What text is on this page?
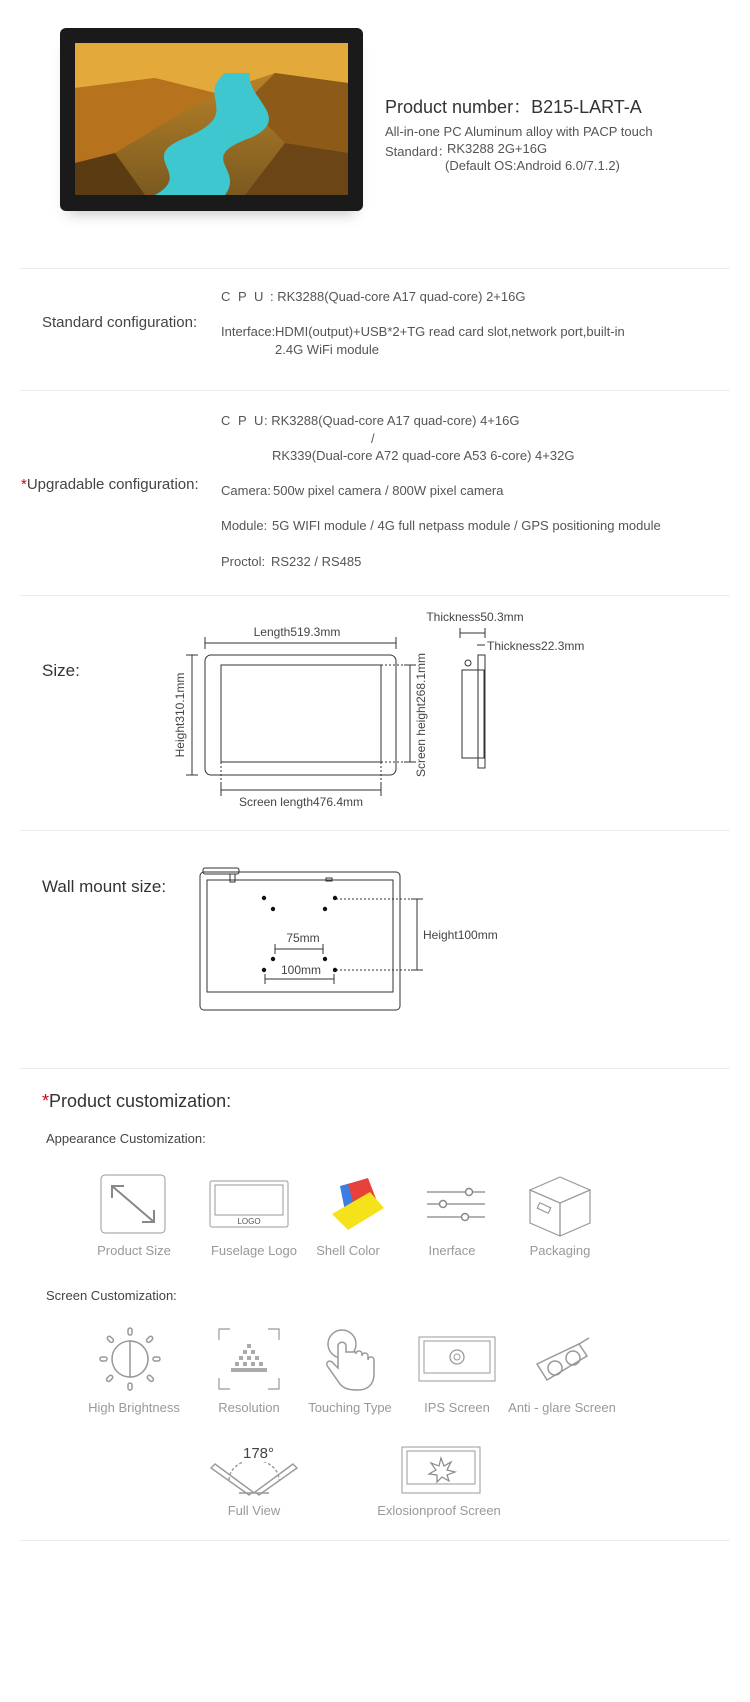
Product number：B215-LART-A
All-in-one PC Aluminum alloy with PACP touch
Standard：
RK3288 2G+16G
(Default OS:Android 6.0/7.1.2)
Standard configuration:
C P U : RK3288(Quad-core A17 quad-core) 2+16G
Interface: HDMI(output)+USB*2+TG read card slot,network port,built-in
2.4G WiFi module
*Upgradable configuration:
C P U
: RK3288(Quad-core A17 quad-core) 4+16G
/
RK339(Dual-core A72 quad-core A53 6-core) 4+32G
Camera: 500w pixel camera / 800W pixel camera
Module: 5G WIFI module / 4G full netpass module / GPS positioning module
Proctol: RS232 / RS485
Size:
Length519.3mm
Height310.1mm	Screen height268.1mm
Screen length476.4mm
Thickness50.3mm
Thickness22.3mm
Wall mount size:
75mm
100mm
Height100mm
*Product customization:
Appearance Customization:
LOGO
Product Size	Fuselage Logo	Shell Color	Inerface	Packaging
Screen Customization:
High Brightness	Resolution	Touching Type	IPS Screen	Anti - glare Screen
178°
Full View	Exlosionproof Screen
